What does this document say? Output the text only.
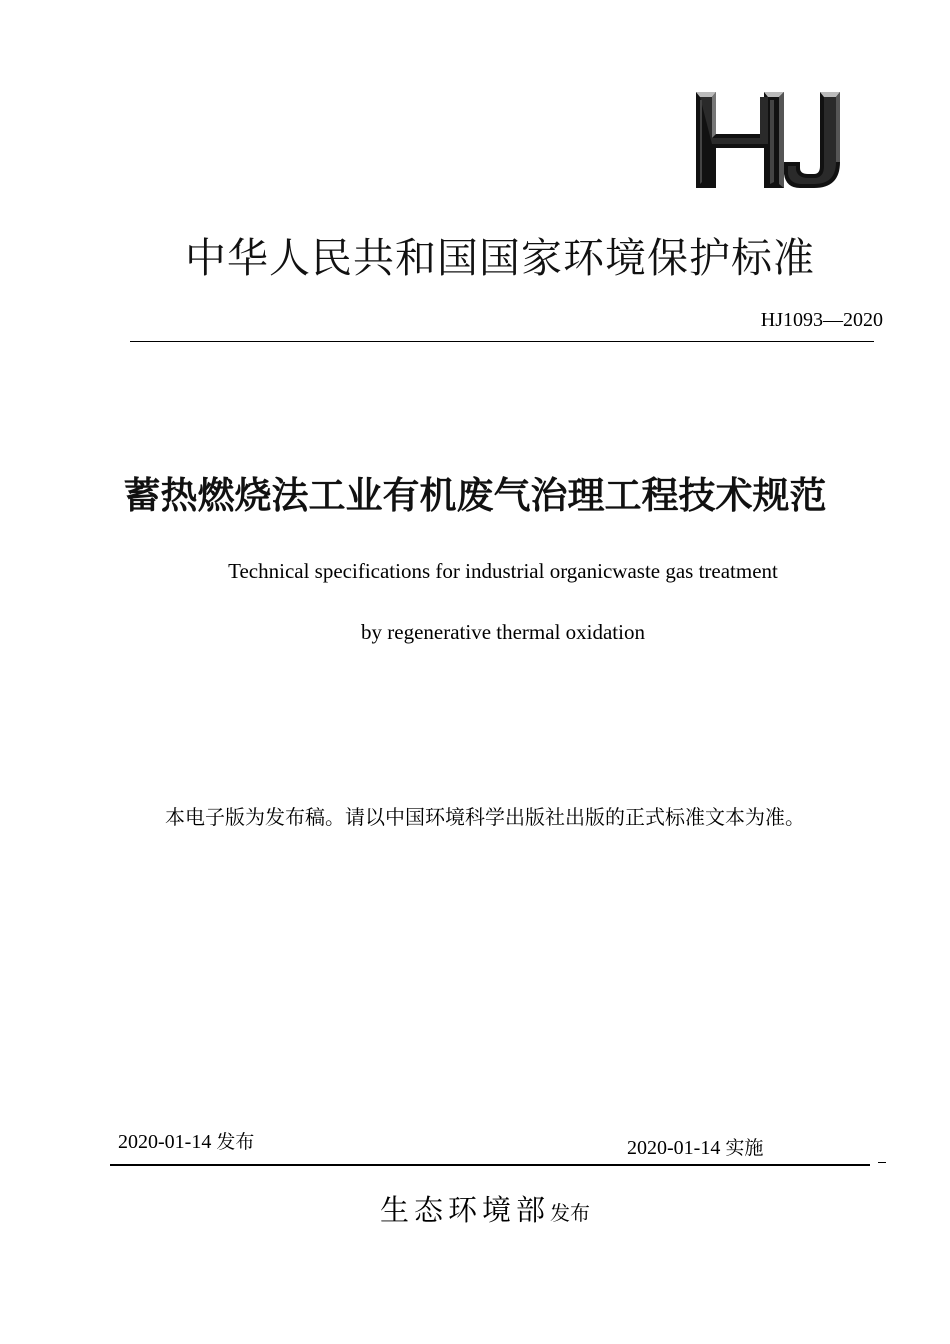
中华人民共和国国家环境保护标准
HJ1093—2020
蓄热燃烧法工业有机废气治理工程技术规范
Technical specifications for industrial organicwaste gas treatment
by regenerative thermal oxidation
本电子版为发布稿。请以中国环境科学出版社出版的正式标准文本为准。
2020-01-14 发布	2020-01-14 实施
生态环境部发布
